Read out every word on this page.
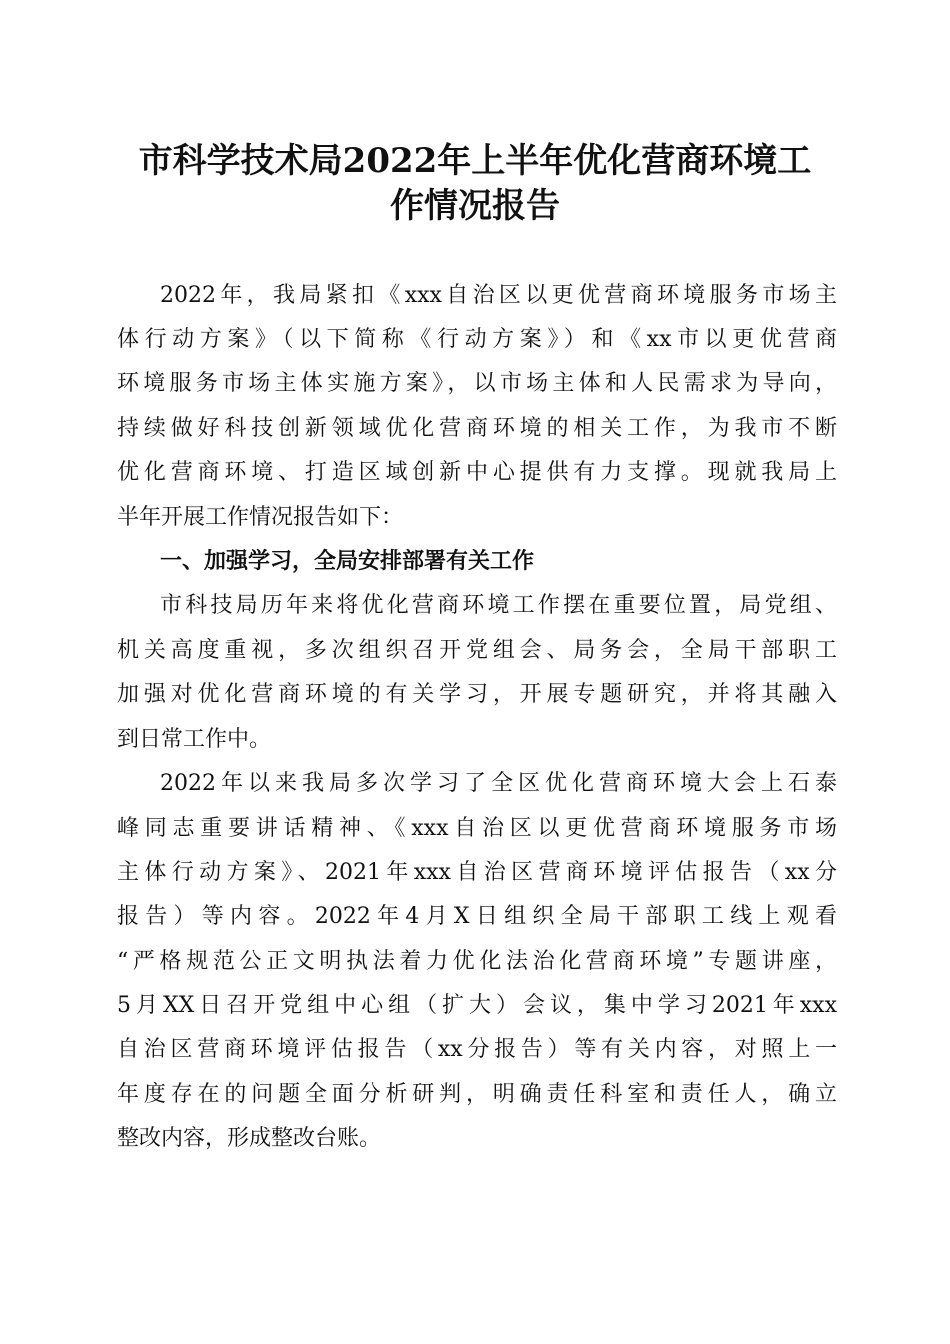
市科学技术局2022年上半年优化营商环境工
作情况报告
2022年，我局紧扣《xxx自治区以更优营商环境服务市场主
体行动方案》（以下简称《行动方案》）和《xx市以更优营商
环境服务市场主体实施方案》，以市场主体和人民需求为导向，
持续做好科技创新领域优化营商环境的相关工作，为我市不断
优化营商环境、打造区域创新中心提供有力支撑。现就我局上
半年开展工作情况报告如下：
一、加强学习，全局安排部署有关工作
市科技局历年来将优化营商环境工作摆在重要位置，局党组、
机关高度重视，多次组织召开党组会、局务会，全局干部职工
加强对优化营商环境的有关学习，开展专题研究，并将其融入
到日常工作中。
2022年以来我局多次学习了全区优化营商环境大会上石泰
峰同志重要讲话精神、《xxx自治区以更优营商环境服务市场
主体行动方案》、2021年xxx自治区营商环境评估报告（xx分
报告）等内容。2022年4月X日组织全局干部职工线上观看
“严格规范公正文明执法着力优化法治化营商环境”专题讲座，
5月XX日召开党组中心组（扩大）会议，集中学习2021年xxx
自治区营商环境评估报告（xx分报告）等有关内容，对照上一
年度存在的问题全面分析研判，明确责任科室和责任人，确立
整改内容，形成整改台账。
